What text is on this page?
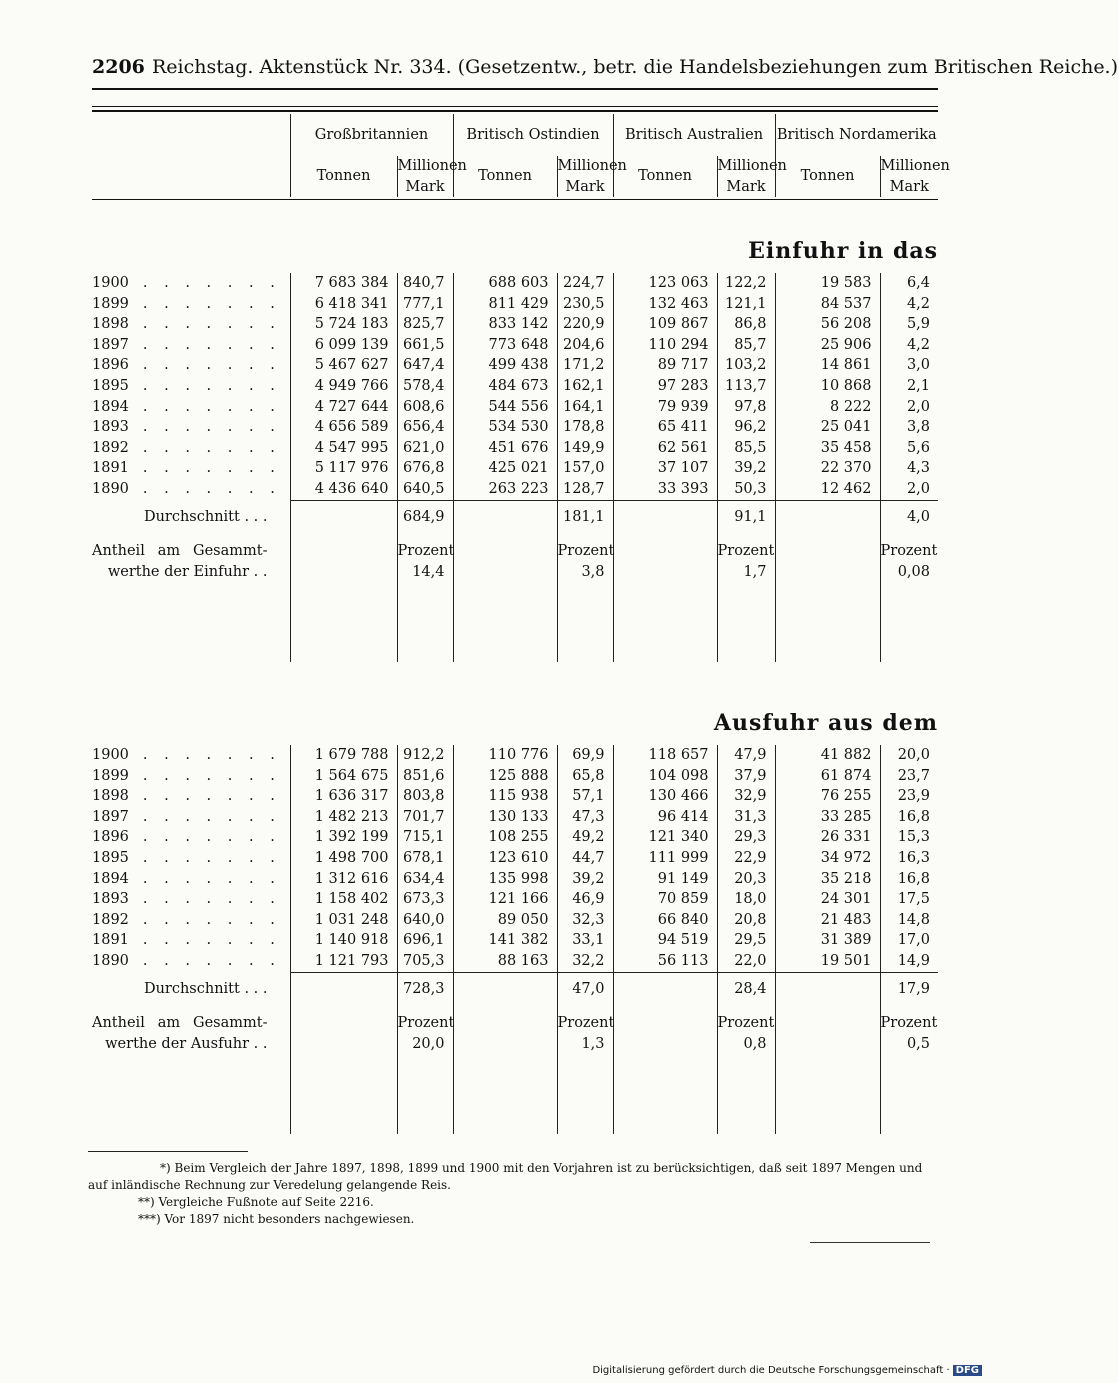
2206 Reichstag. Aktenstück Nr. 334. (Gesetzentw., betr. die Handelsbeziehungen zum Britischen Reiche.)
	Großbritannien		Britisch Ostindien		Britisch Australien		Britisch Nordamerika	
	Tonnen	Millionen Mark	Tonnen	Millionen Mark	Tonnen	Millionen Mark	Tonnen	Millionen Mark
Einfuhr in das
1900 . . . . . . .	7 683 384	840,7	688 603	224,7	123 063	122,2	19 583	6,4
1899 . . . . . . .	6 418 341	777,1	811 429	230,5	132 463	121,1	84 537	4,2
1898 . . . . . . .	5 724 183	825,7	833 142	220,9	109 867	86,8	56 208	5,9
1897 . . . . . . .	6 099 139	661,5	773 648	204,6	110 294	85,7	25 906	4,2
1896 . . . . . . .	5 467 627	647,4	499 438	171,2	89 717	103,2	14 861	3,0
1895 . . . . . . .	4 949 766	578,4	484 673	162,1	97 283	113,7	10 868	2,1
1894 . . . . . . .	4 727 644	608,6	544 556	164,1	79 939	97,8	8 222	2,0
1893 . . . . . . .	4 656 589	656,4	534 530	178,8	65 411	96,2	25 041	3,8
1892 . . . . . . .	4 547 995	621,0	451 676	149,9	62 561	85,5	35 458	5,6
1891 . . . . . . .	5 117 976	676,8	425 021	157,0	37 107	39,2	22 370	4,3
1890 . . . . . . .	4 436 640	640,5	263 223	128,7	33 393	50,3	12 462	2,0

Durchschnitt . . .		684,9		181,1		91,1		4,0

Antheil am Gesammt-		Prozent		Prozent		Prozent		Prozent
werthe der Einfuhr . .		14,4		3,8		1,7		0,08

Ausfuhr aus dem
1900 . . . . . . .	1 679 788	912,2	110 776	69,9	118 657	47,9	41 882	20,0
1899 . . . . . . .	1 564 675	851,6	125 888	65,8	104 098	37,9	61 874	23,7
1898 . . . . . . .	1 636 317	803,8	115 938	57,1	130 466	32,9	76 255	23,9
1897 . . . . . . .	1 482 213	701,7	130 133	47,3	96 414	31,3	33 285	16,8
1896 . . . . . . .	1 392 199	715,1	108 255	49,2	121 340	29,3	26 331	15,3
1895 . . . . . . .	1 498 700	678,1	123 610	44,7	111 999	22,9	34 972	16,3
1894 . . . . . . .	1 312 616	634,4	135 998	39,2	91 149	20,3	35 218	16,8
1893 . . . . . . .	1 158 402	673,3	121 166	46,9	70 859	18,0	24 301	17,5
1892 . . . . . . .	1 031 248	640,0	89 050	32,3	66 840	20,8	21 483	14,8
1891 . . . . . . .	1 140 918	696,1	141 382	33,1	94 519	29,5	31 389	17,0
1890 . . . . . . .	1 121 793	705,3	88 163	32,2	56 113	22,0	19 501	14,9

Durchschnitt . . .		728,3		47,0		28,4		17,9

Antheil am Gesammt-		Prozent		Prozent		Prozent		Prozent
werthe der Ausfuhr . .		20,0		1,3		0,8		0,5

*) Beim Vergleich der Jahre 1897, 1898, 1899 und 1900 mit den Vorjahren ist zu berücksichtigen, daß seit 1897 Mengen und auf inländische Rechnung zur Veredelung gelangende Reis.

**) Vergleiche Fußnote auf Seite 2216.

***) Vor 1897 nicht besonders nachgewiesen.

Digitalisierung gefördert durch die Deutsche Forschungsgemeinschaft · DFG
